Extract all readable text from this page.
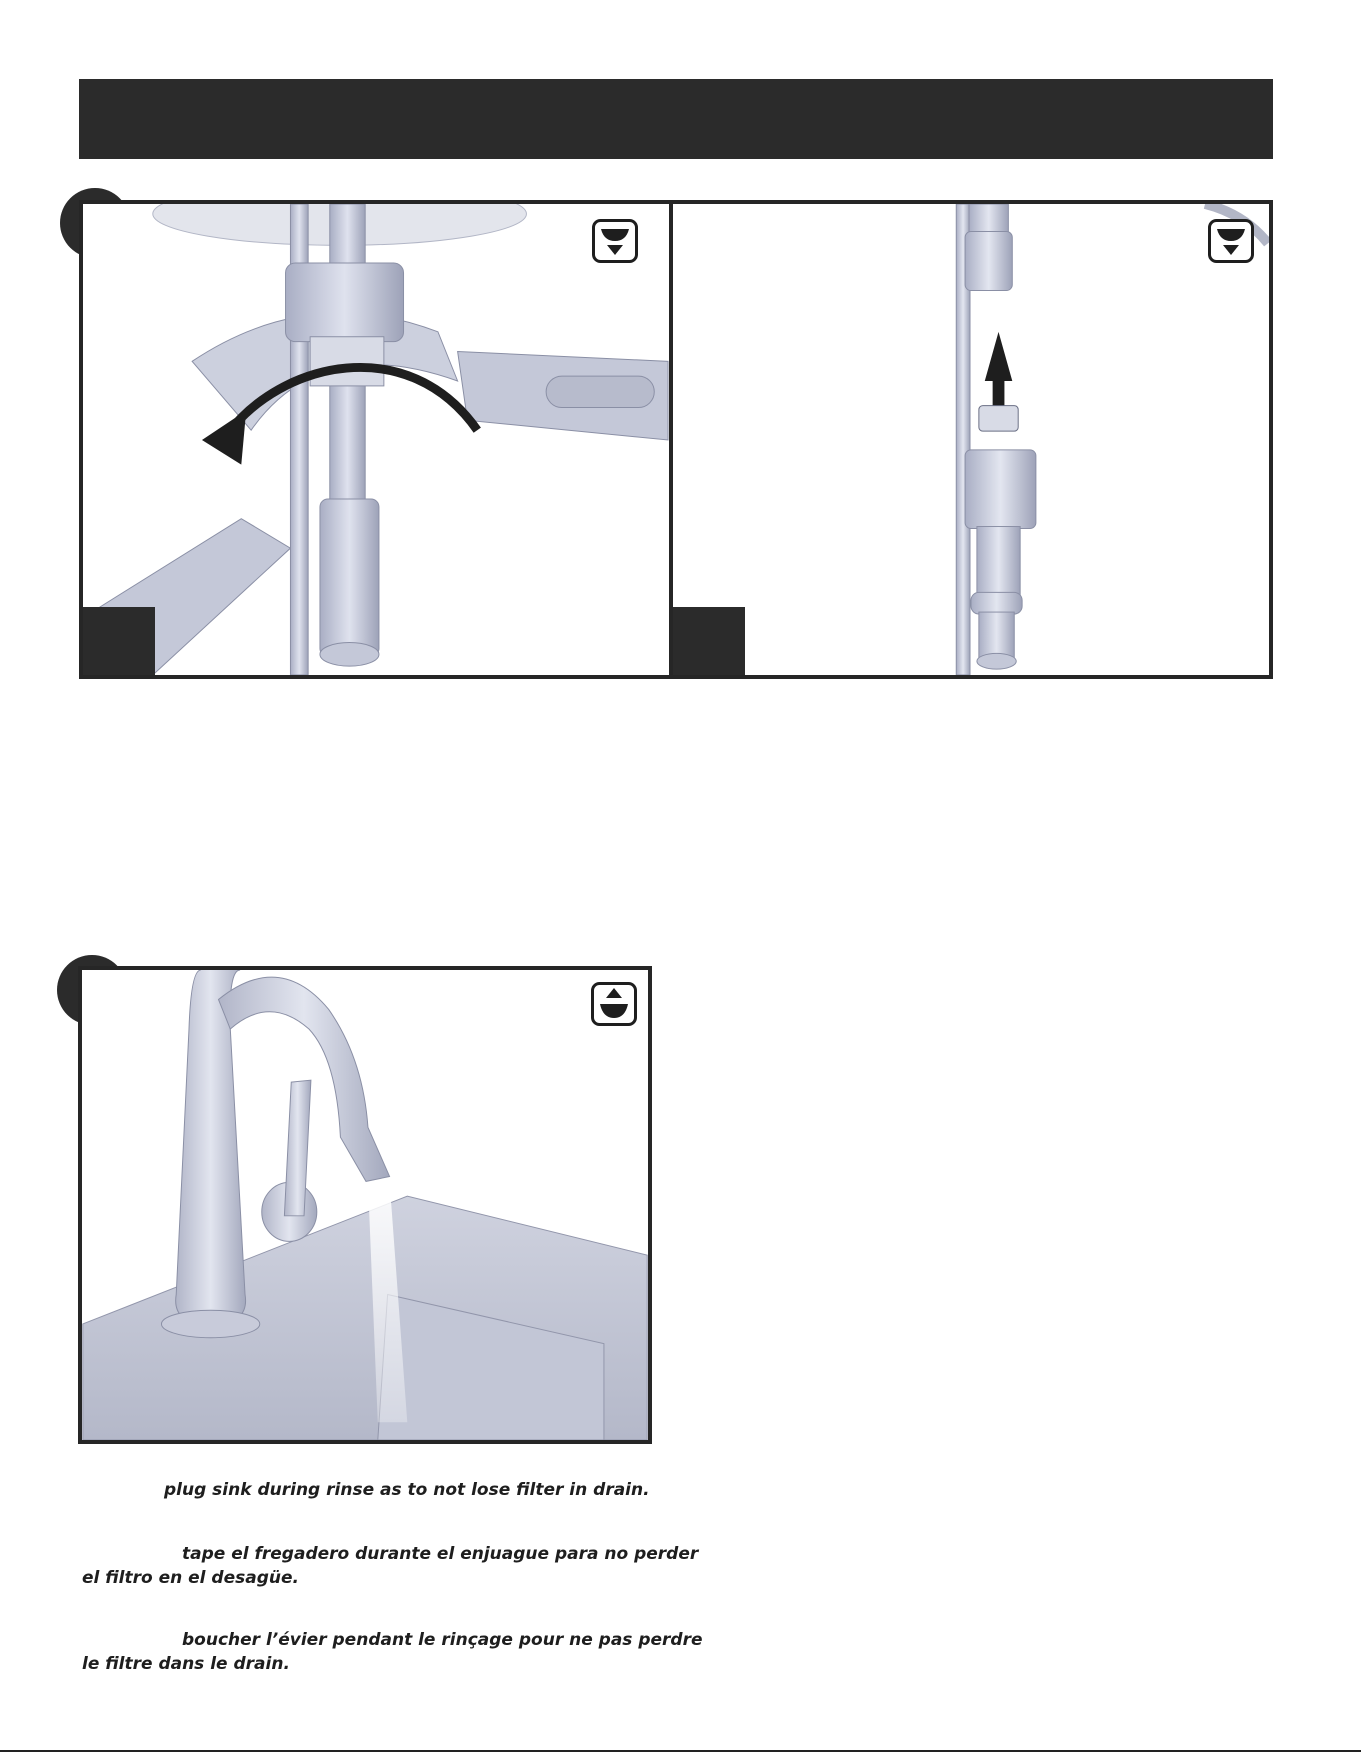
plug sink during rinse as to not lose filter in drain.

tape el fregadero durante el enjuague para no perder el filtro en el desagüe.

boucher l’évier pendant le rinçage pour ne pas perdre le filtre dans le drain.
